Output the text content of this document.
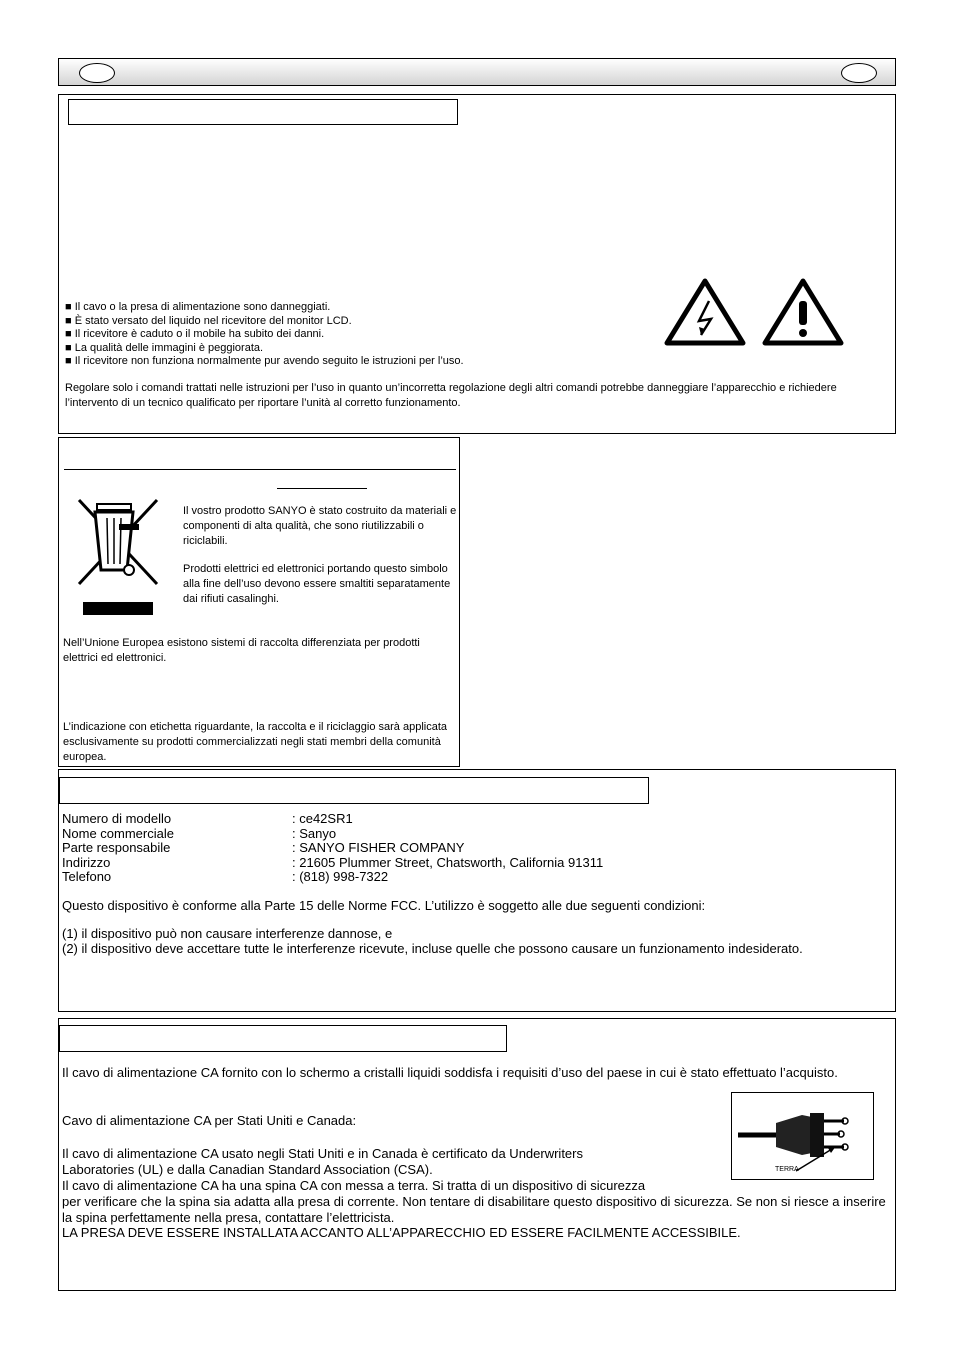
■ Il cavo o la presa di alimentazione sono danneggiati.
■ È stato versato del liquido nel ricevitore del monitor LCD.
■ Il ricevitore è caduto o il mobile ha subito dei danni.
■ La qualità delle immagini è peggiorata.
■ Il ricevitore non funziona normalmente pur avendo seguito le istruzioni per l’uso.

Regolare solo i comandi trattati nelle istruzioni per l’uso in quanto un’incorretta regolazione degli altri comandi potrebbe danneggiare l’apparecchio e richiedere l’intervento di un tecnico qualificato per riportare l’unità al corretto funzionamento.

Il vostro prodotto SANYO è stato costruito da materiali e componenti di alta qualità, che sono riutilizzabili o riciclabili.

Prodotti elettrici ed elettronici portando questo simbolo alla fine dell’uso devono essere smaltiti separatamente dai rifiuti casalinghi.

Nell’Unione Europea esistono sistemi di raccolta differenziata per prodotti elettrici ed elettronici.

L’indicazione con etichetta riguardante, la raccolta e il riciclaggio sarà applicata esclusivamente su prodotti commercializzati negli stati membri della comunità europea.

Numero di modello	: ce42SR1
Nome commerciale	: Sanyo
Parte responsabile	: SANYO FISHER COMPANY
Indirizzo	: 21605 Plummer Street, Chatsworth, California 91311
Telefono	: (818) 998-7322

Questo dispositivo è conforme alla Parte 15 delle Norme FCC. L’utilizzo è soggetto alle due seguenti condizioni:

(1) il dispositivo può non causare interferenze dannose, e

(2) il dispositivo deve accettare tutte le interferenze ricevute, incluse quelle che possono causare un funzionamento indesiderato.

Il cavo di alimentazione CA fornito con lo schermo a cristalli liquidi soddisfa i requisiti d’uso del paese in cui è stato effettuato l’acquisto.

Cavo di alimentazione CA per Stati Uniti e Canada:

Il cavo di alimentazione CA usato negli Stati Uniti e in Canada è certificato da Underwriters

Laboratories (UL) e dalla Canadian Standard Association (CSA).

Il cavo di alimentazione CA ha una spina CA con messa a terra. Si tratta di un dispositivo di sicurezza

per verificare che la spina sia adatta alla presa di corrente. Non tentare di disabilitare questo dispositivo di sicurezza. Se non si riesce a inserire la spina perfettamente nella presa, contattare l’elettricista.

LA PRESA DEVE ESSERE INSTALLATA ACCANTO ALL’APPARECCHIO ED ESSERE FACILMENTE ACCESSIBILE.

TERRA
